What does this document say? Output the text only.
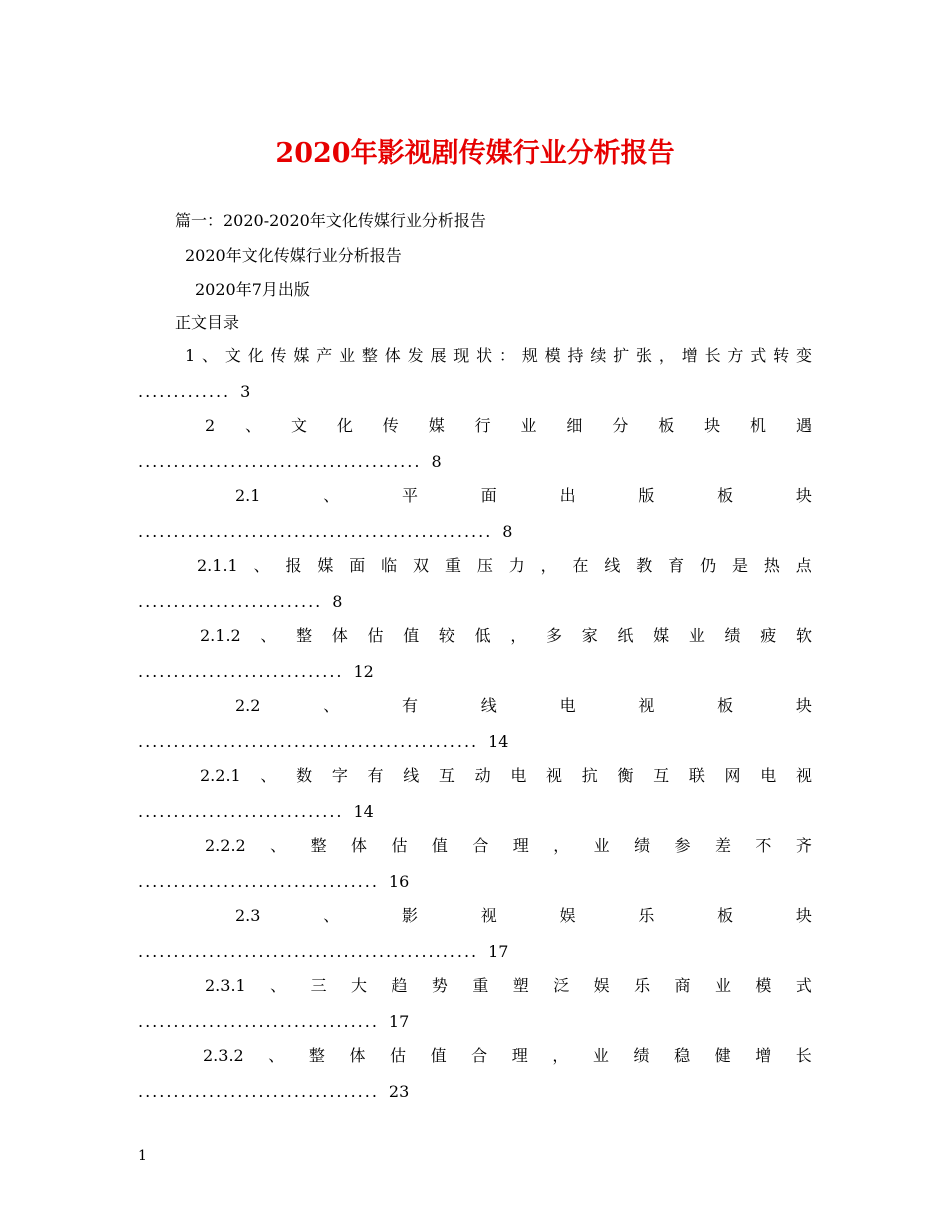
2020年影视剧传媒行业分析报告
篇一：2020-2020年文化传媒行业分析报告
2020年文化传媒行业分析报告
2020年7月出版
正文目录
1 、 文 化 传 媒 产 业 整 体 发 展 现 状 ： 规 模 持 续 扩 张 ， 增 长 方 式 转 变
............. 3
2 、 文 化 传 媒 行 业 细 分 板 块 机 遇
........................................ 8
2.1	、	平	面	出	版	板	块
.................................................. 8
2.1.1 、 报 媒 面 临 双 重 压 力 ， 在 线 教 育 仍 是 热 点
.......................... 8
2.1.2 、 整 体 估 值 较 低 ， 多 家 纸 媒 业 绩 疲 软
............................. 12
2.2	、	有	线	电	视	板	块
................................................ 14
2.2.1 、 数 字 有 线 互 动 电 视 抗 衡 互 联 网 电 视
............................. 14
2.2.2 、 整 体 估 值 合 理 ， 业 绩 参 差 不 齐
.................................. 16
2.3	、	影	视	娱	乐	板	块
................................................ 17
2.3.1 、 三 大 趋 势 重 塑 泛 娱 乐 商 业 模 式
.................................. 17
2.3.2 、 整 体 估 值 合 理 ， 业 绩 稳 健 增 长
.................................. 23
1
